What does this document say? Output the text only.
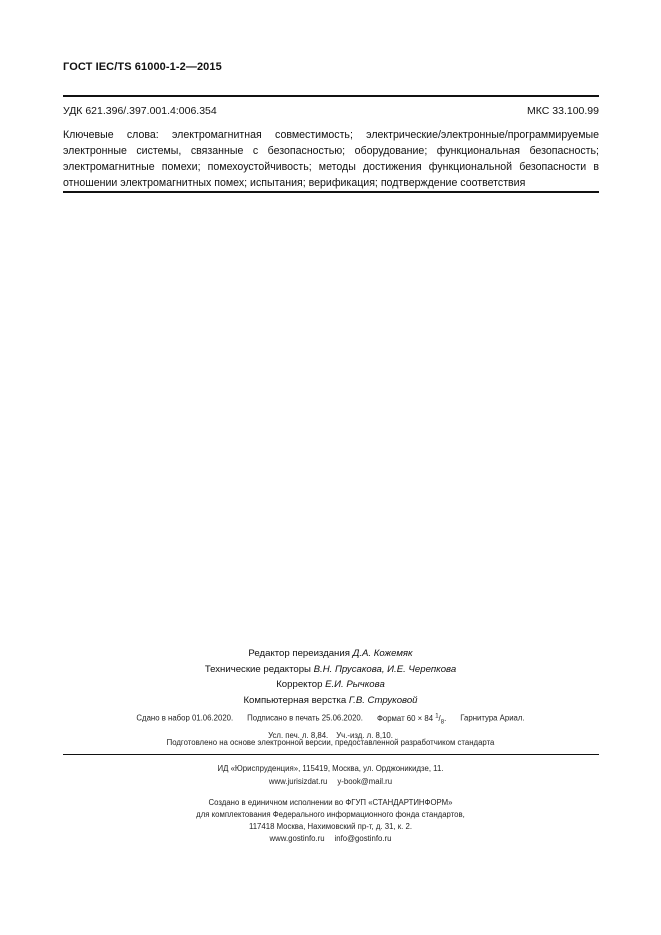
ГОСТ IEC/TS 61000-1-2—2015
УДК 621.396/.397.001.4:006.354	МКС 33.100.99
Ключевые слова: электромагнитная совместимость; электрические/электронные/программируемые
электронные системы, связанные с безопасностью; оборудование; функциональная безопасность;
электромагнитные помехи; помехоустойчивость; методы достижения функциональной безопасности в
отношении электромагнитных помех; испытания; верификация; подтверждение соответствия
Редактор переиздания Д.А. Кожемяк
Технические редакторы В.Н. Прусакова, И.Е. Черепкова
Корректор Е.И. Рычкова
Компьютерная верстка Г.В. Струковой
Сдано в набор 01.06.2020. Подписано в печать 25.06.2020. Формат 60 × 84 $^1/_8$. Гарнитура Ариал.
Усл. печ. л. 8,84. Уч.-изд. л. 8,10.
Подготовлено на основе электронной версии, предоставленной разработчиком стандарта
ИД «Юриспруденция», 115419, Москва, ул. Орджоникидзе, 11.
www.jurisizdat.ru y-book@mail.ru
Создано в единичном исполнении во ФГУП «СТАНДАРТИНФОРМ»
для комплектования Федерального информационного фонда стандартов,
117418 Москва, Нахимовский пр-т, д. 31, к. 2.
www.gostinfo.ru info@gostinfo.ru
